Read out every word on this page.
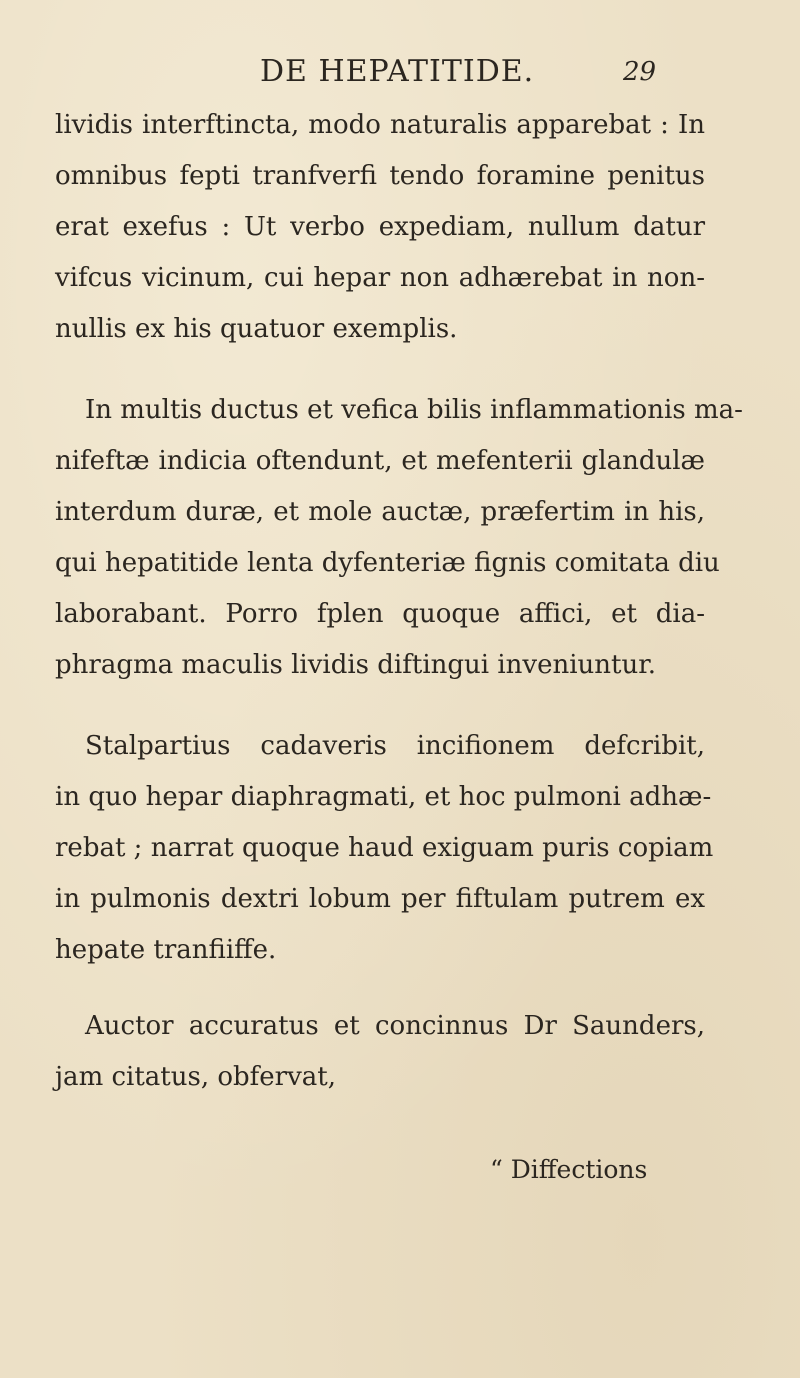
DE HEPATITIDE.	29
lividis interftincta, modo naturalis apparebat : In
omnibus fepti tranfverfi tendo foramine penitus
erat exefus : Ut verbo expediam, nullum datur
vifcus vicinum, cui hepar non adhærebat in non-
nullis ex his quatuor exemplis.
In multis ductus et vefica bilis inflammationis ma-
nifeftæ indicia oftendunt, et mefenterii glandulæ
interdum duræ, et mole auctæ, præfertim in his,
qui hepatitide lenta dyfenteriæ fignis comitata diu
laborabant. Porro fplen quoque affici, et dia-
phragma maculis lividis diftingui inveniuntur.
Stalpartius cadaveris incifionem defcribit,
in quo hepar diaphragmati, et hoc pulmoni adhæ-
rebat ; narrat quoque haud exiguam puris copiam
in pulmonis dextri lobum per fiftulam putrem ex
hepate tranfiiffe.
Auctor accuratus et concinnus Dr Saunders,
jam citatus, obfervat,
“ Diffections
